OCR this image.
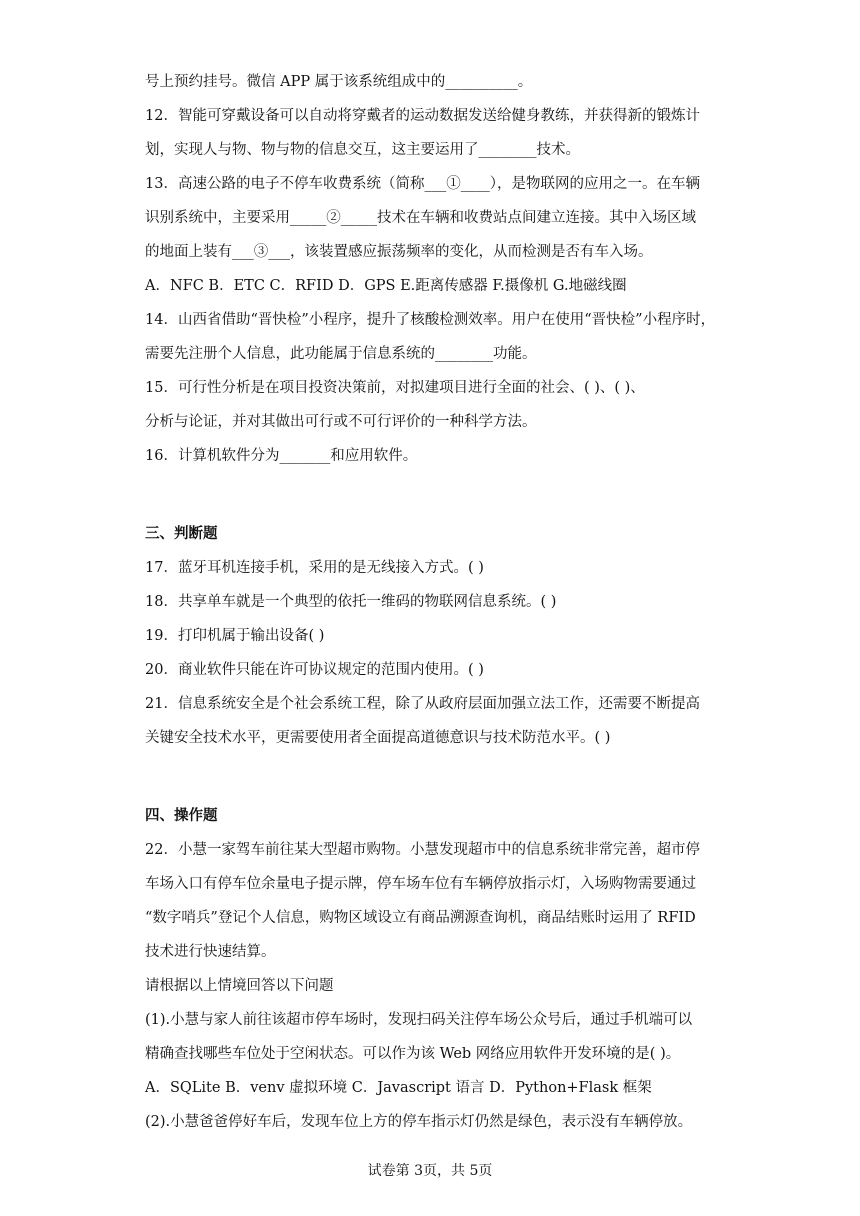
号上预约挂号。微信 APP 属于该系统组成中的__________。
12．智能可穿戴设备可以自动将穿戴者的运动数据发送给健身教练，并获得新的锻炼计
划，实现人与物、物与物的信息交互，这主要运用了________技术。
13．高速公路的电子不停车收费系统（简称___①____），是物联网的应用之一。在车辆
识别系统中，主要采用_____②_____技术在车辆和收费站点间建立连接。其中入场区域
的地面上装有___③___，该装置感应振荡频率的变化，从而检测是否有车入场。
A．NFC B．ETC C．RFID D．GPS E.距离传感器 F.摄像机 G.地磁线圈
14．山西省借助“晋快检”小程序，提升了核酸检测效率。用户在使用“晋快检”小程序时，
需要先注册个人信息，此功能属于信息系统的________功能。
15．可行性分析是在项目投资决策前，对拟建项目进行全面的社会、( )、( )、
分析与论证，并对其做出可行或不可行评价的一种科学方法。
16．计算机软件分为_______和应用软件。
三、判断题
17．蓝牙耳机连接手机，采用的是无线接入方式。( )
18．共享单车就是一个典型的依托一维码的物联网信息系统。( )
19．打印机属于输出设备( )
20．商业软件只能在许可协议规定的范围内使用。( )
21．信息系统安全是个社会系统工程，除了从政府层面加强立法工作，还需要不断提高
关键安全技术水平，更需要使用者全面提高道德意识与技术防范水平。( )
四、操作题
22．小慧一家驾车前往某大型超市购物。小慧发现超市中的信息系统非常完善，超市停
车场入口有停车位余量电子提示牌，停车场车位有车辆停放指示灯，入场购物需要通过
“数字哨兵”登记个人信息，购物区域设立有商品溯源查询机，商品结账时运用了 RFID
技术进行快速结算。
请根据以上情境回答以下问题
(1).小慧与家人前往该超市停车场时，发现扫码关注停车场公众号后，通过手机端可以
精确查找哪些车位处于空闲状态。可以作为该 Web 网络应用软件开发环境的是( )。
A．SQLite B．venv 虚拟环境 C．Javascript 语言 D．Python+Flask 框架
(2).小慧爸爸停好车后，发现车位上方的停车指示灯仍然是绿色，表示没有车辆停放。
试卷第 3页，共 5页
